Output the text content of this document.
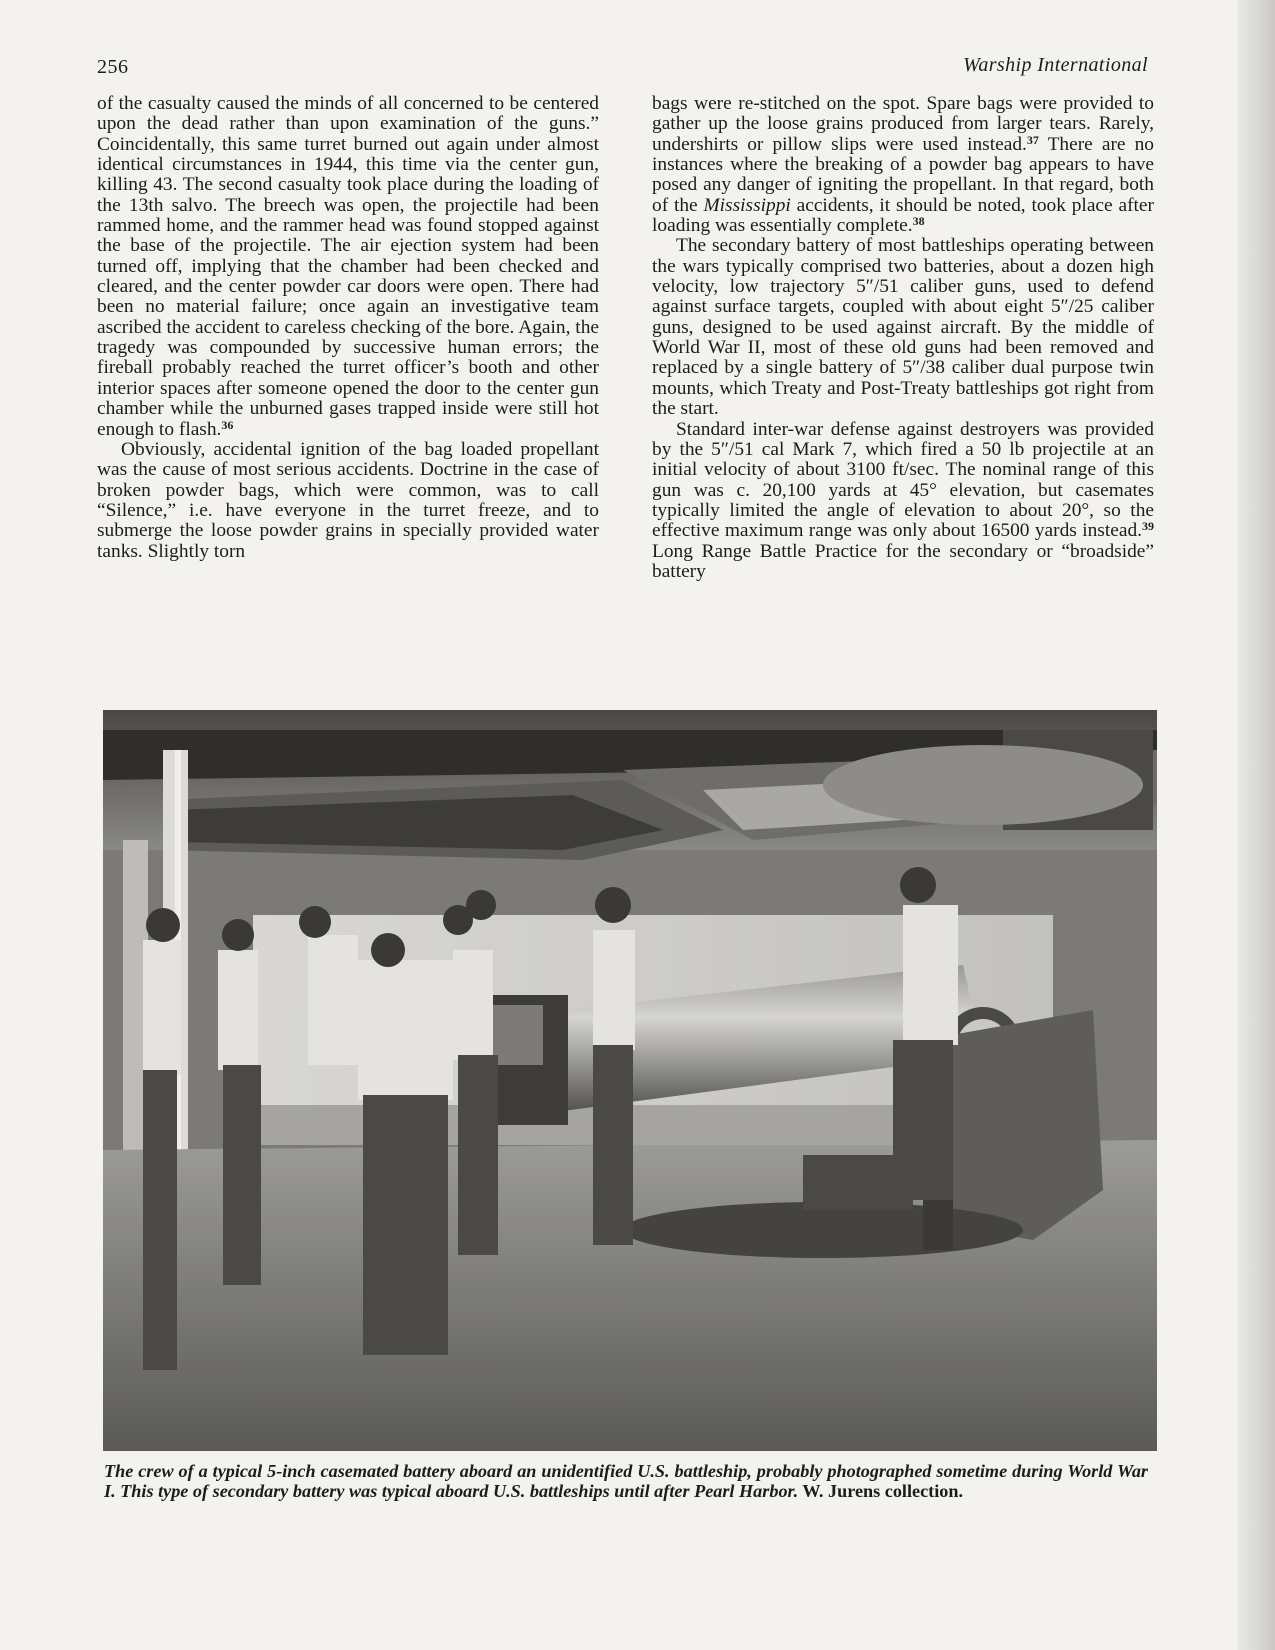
256	Warship International

of the casualty caused the minds of all concerned to be centered upon the dead rather than upon examination of the guns.” Coincidentally, this same turret burned out again under almost identical circumstances in 1944, this time via the center gun, killing 43. The second casualty took place during the loading of the 13th salvo. The breech was open, the projectile had been rammed home, and the rammer head was found stopped against the base of the projectile. The air ejection system had been turned off, implying that the chamber had been checked and cleared, and the center powder car doors were open. There had been no material failure; once again an investigative team ascribed the accident to careless checking of the bore. Again, the tragedy was compounded by successive human errors; the fireball probably reached the turret officer’s booth and other interior spaces after someone opened the door to the center gun chamber while the unburned gases trapped inside were still hot enough to flash.$^{36}$

Obviously, accidental ignition of the bag loaded propellant was the cause of most serious accidents. Doctrine in the case of broken powder bags, which were common, was to call “Silence,” i.e. have everyone in the turret freeze, and to submerge the loose powder grains in specially provided water tanks. Slightly torn

bags were re-stitched on the spot. Spare bags were provided to gather up the loose grains produced from larger tears. Rarely, undershirts or pillow slips were used instead.$^{37}$ There are no instances where the breaking of a powder bag appears to have posed any danger of igniting the propellant. In that regard, both of the Mississippi accidents, it should be noted, took place after loading was essentially complete.$^{38}$

The secondary battery of most battleships operating between the wars typically comprised two batteries, about a dozen high velocity, low trajectory 5″/51 caliber guns, used to defend against surface targets, coupled with about eight 5″/25 caliber guns, designed to be used against aircraft. By the middle of World War II, most of these old guns had been removed and replaced by a single battery of 5″/38 caliber dual purpose twin mounts, which Treaty and Post-Treaty battleships got right from the start.

Standard inter-war defense against destroyers was provided by the 5″/51 cal Mark 7, which fired a 50 lb projectile at an initial velocity of about 3100 ft/sec. The nominal range of this gun was c. 20,100 yards at 45° elevation, but casemates typically limited the angle of elevation to about 20°, so the effective maximum range was only about 16500 yards instead.$^{39}$ Long Range Battle Practice for the secondary or “broadside” battery

The crew of a typical 5-inch casemated battery aboard an unidentified U.S. battleship, probably photographed sometime during World War I. This type of secondary battery was typical aboard U.S. battleships until after Pearl Harbor. W. Jurens collection.
